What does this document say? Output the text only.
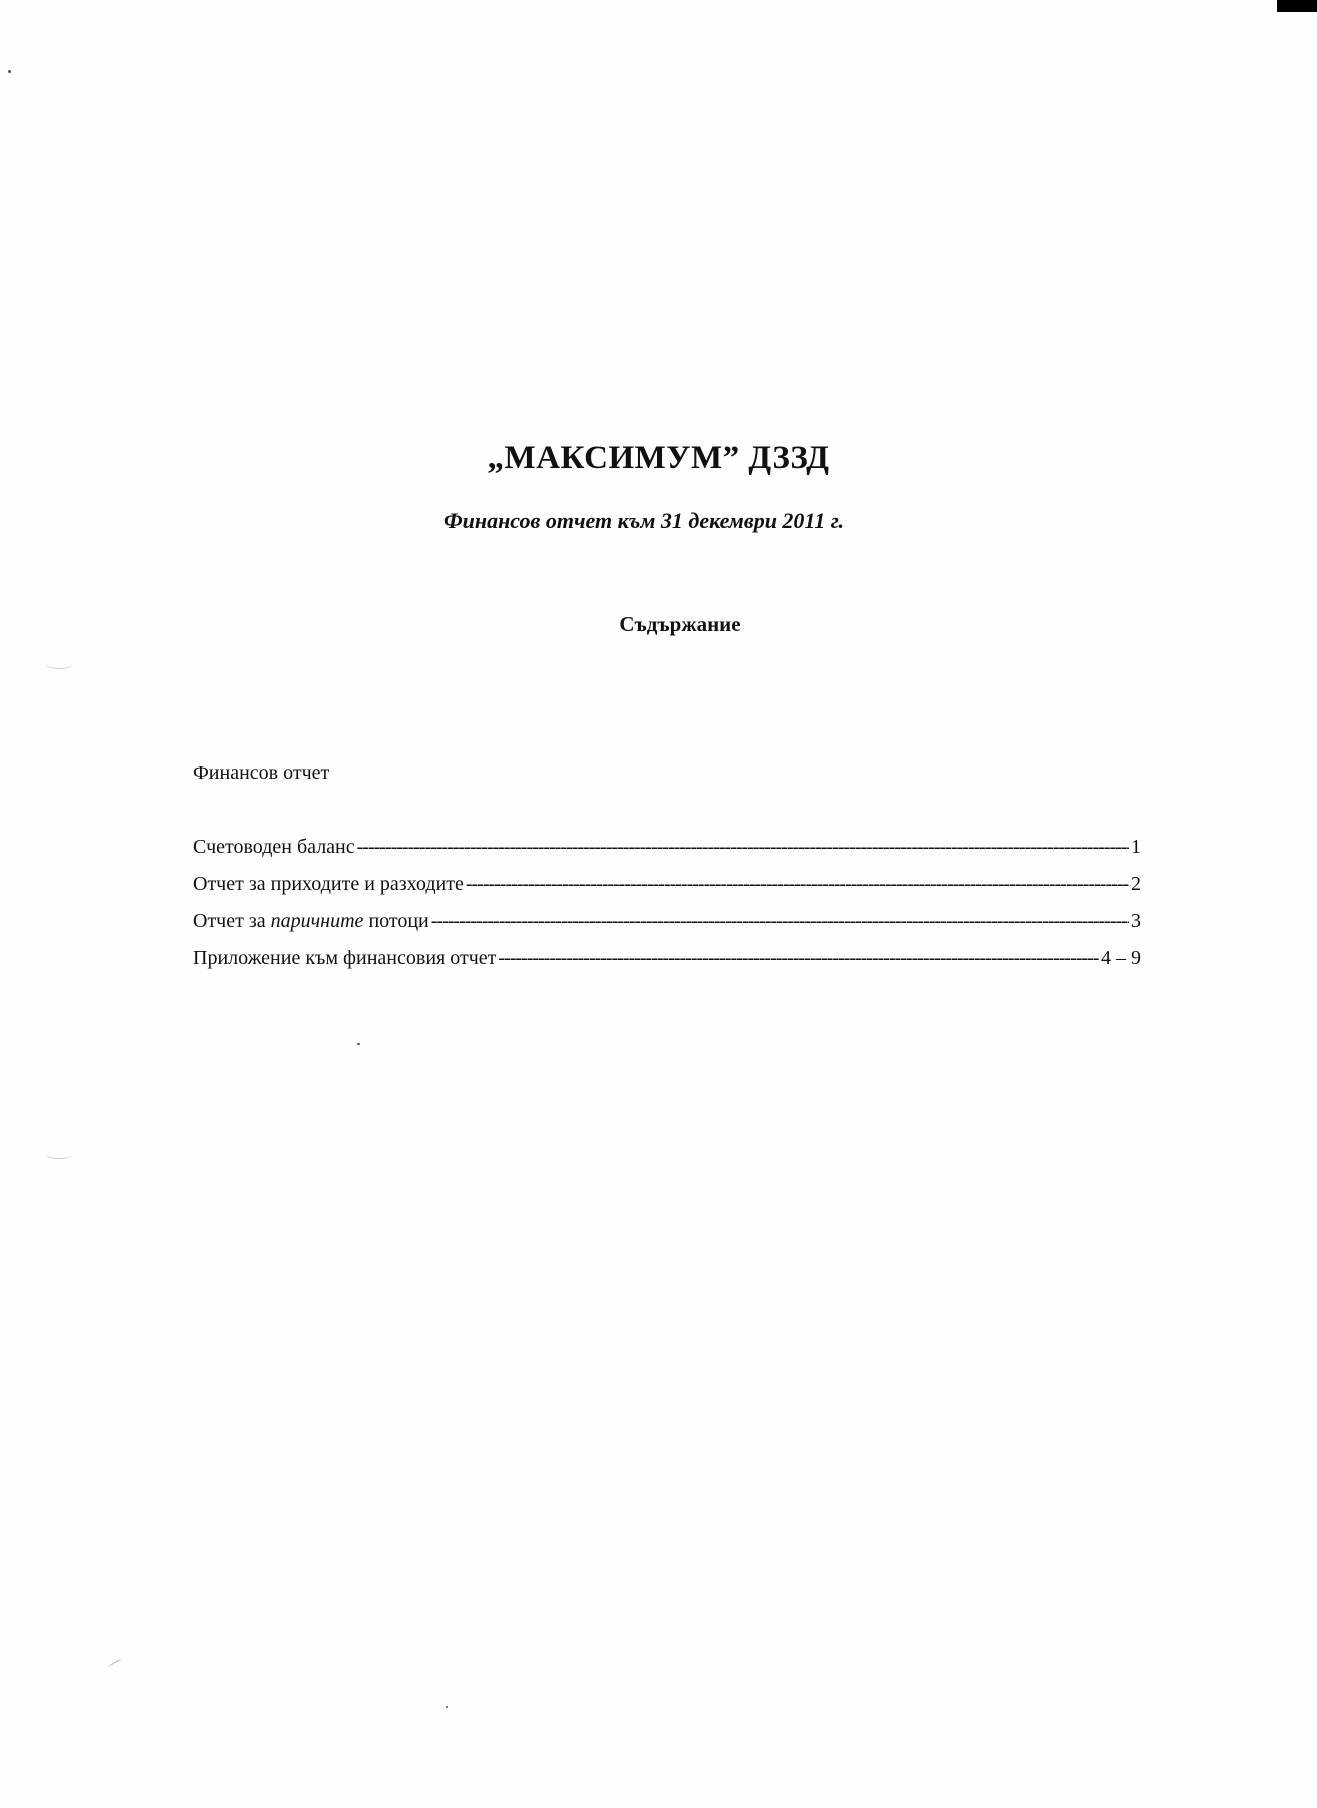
„МАКСИМУМ” ДЗЗД
Финансов отчет към 31 декември 2011 г.
Съдържание
Финансов отчет
Счетоводен баланс -----	1
Отчет за приходите и разходите -----	2
Отчет за паричните потоци -----	3
Приложение към финансовия отчет -----	4 – 9
